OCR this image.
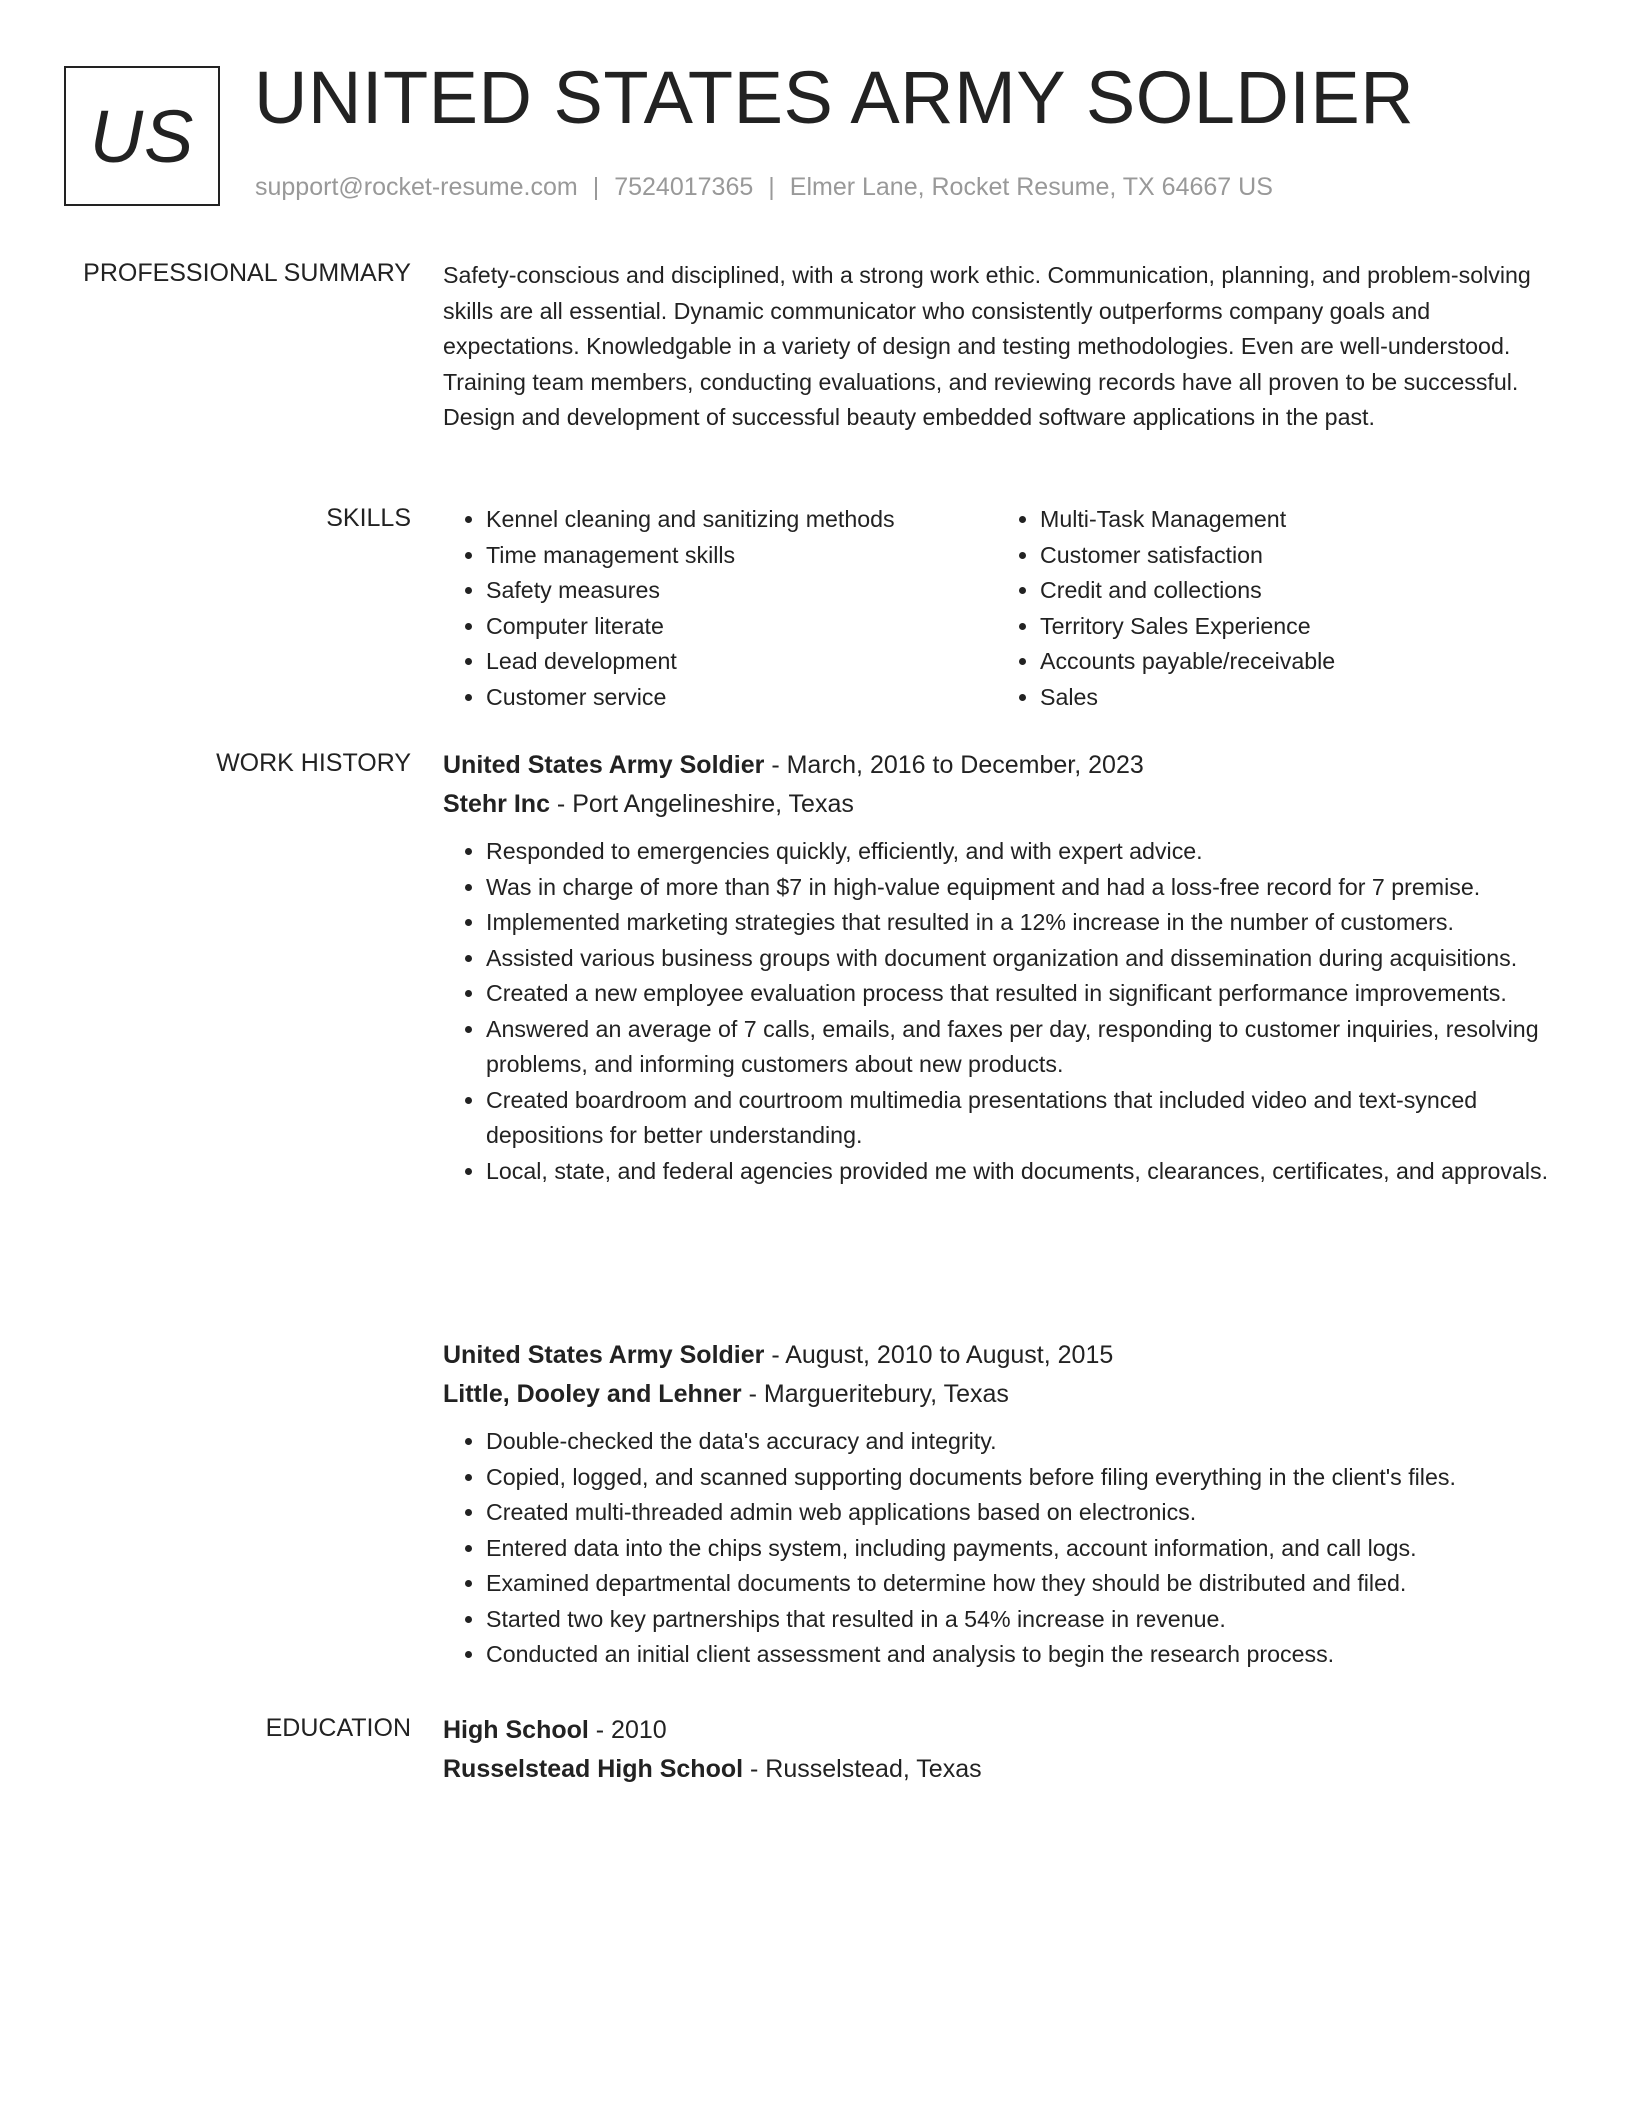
US UNITED STATES ARMY SOLDIER
support@rocket-resume.com | 7524017365 | Elmer Lane, Rocket Resume, TX 64667 US
PROFESSIONAL SUMMARY Safety-conscious and disciplined, with a strong work ethic. Communication, planning, and problem-solving skills are all essential. Dynamic communicator who consistently outperforms company goals and expectations. Knowledgable in a variety of design and testing methodologies. Even are well-understood. Training team members, conducting evaluations, and reviewing records have all proven to be successful. Design and development of successful beauty embedded software applications in the past.

SKILLS
•	Kennel cleaning and sanitizing methods
• Time management skills
• Safety measures
• Computer literate
• Lead development
• Customer service
• Multi-Task Management
• Customer satisfaction
• Credit and collections
• Territory Sales Experience
• Accounts payable/receivable
• Sales
WORK HISTORY United States Army Soldier - March, 2016 to December, 2023
Stehr Inc - Port Angelineshire, Texas
• Responded to emergencies quickly, efficiently, and with expert advice.
• Was in charge of more than $7 in high-value equipment and had a loss-free record for 7 premise.
• Implemented marketing strategies that resulted in a 12% increase in the number of customers.
• Assisted various business groups with document organization and dissemination during acquisitions.
• Created a new employee evaluation process that resulted in significant performance improvements.
• Answered an average of 7 calls, emails, and faxes per day, responding to customer inquiries, resolving problems, and informing customers about new products.
• Created boardroom and courtroom multimedia presentations that included video and text-synced depositions for better understanding.
• Local, state, and federal agencies provided me with documents, clearances, certificates, and approvals.
United States Army Soldier - August, 2010 to August, 2015
Little, Dooley and Lehner - Margueritebury, Texas
• Double-checked the data's accuracy and integrity.
• Copied, logged, and scanned supporting documents before filing everything in the client's files.
• Created multi-threaded admin web applications based on electronics.
• Entered data into the chips system, including payments, account information, and call logs.
• Examined departmental documents to determine how they should be distributed and filed.
• Started two key partnerships that resulted in a 54% increase in revenue.
• Conducted an initial client assessment and analysis to begin the research process.
EDUCATION High School - 2010
Russelstead High School - Russelstead, Texas
